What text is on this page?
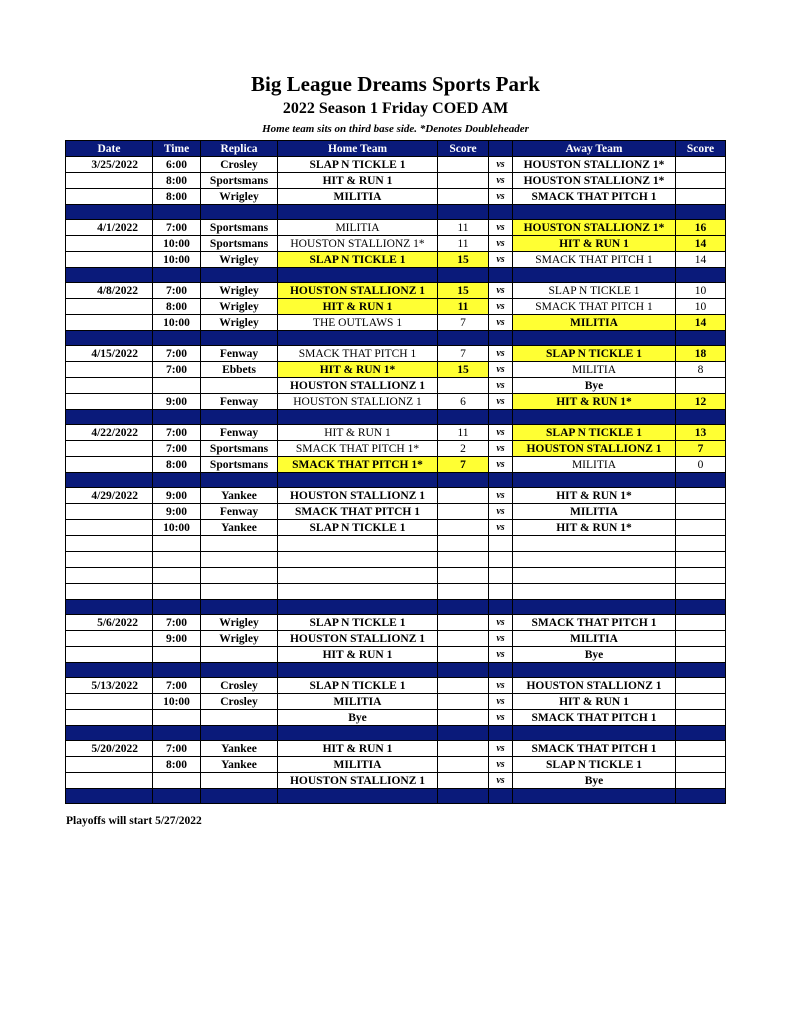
Big League Dreams Sports Park
2022 Season 1 Friday COED AM
Home team sits on third base side. *Denotes Doubleheader
Date	Time	Replica	Home Team	Score		Away Team	Score
3/25/2022	6:00	Crosley	SLAP N TICKLE 1		vs	HOUSTON STALLIONZ 1*	
	8:00	Sportsmans	HIT & RUN 1		vs	HOUSTON STALLIONZ 1*	
	8:00	Wrigley	MILITIA		vs	SMACK THAT PITCH 1	

4/1/2022	7:00	Sportsmans	MILITIA	11	vs	HOUSTON STALLIONZ 1*	16
	10:00	Sportsmans	HOUSTON STALLIONZ 1*	11	vs	HIT & RUN 1	14
	10:00	Wrigley	SLAP N TICKLE 1	15	vs	SMACK THAT PITCH 1	14

4/8/2022	7:00	Wrigley	HOUSTON STALLIONZ 1	15	vs	SLAP N TICKLE 1	10
	8:00	Wrigley	HIT & RUN 1	11	vs	SMACK THAT PITCH 1	10
	10:00	Wrigley	THE OUTLAWS 1	7	vs	MILITIA	14

4/15/2022	7:00	Fenway	SMACK THAT PITCH 1	7	vs	SLAP N TICKLE 1	18
	7:00	Ebbets	HIT & RUN 1*	15	vs	MILITIA	8
			HOUSTON STALLIONZ 1		vs	Bye	
	9:00	Fenway	HOUSTON STALLIONZ 1	6	vs	HIT & RUN 1*	12

4/22/2022	7:00	Fenway	HIT & RUN 1	11	vs	SLAP N TICKLE 1	13
	7:00	Sportsmans	SMACK THAT PITCH 1*	2	vs	HOUSTON STALLIONZ 1	7
	8:00	Sportsmans	SMACK THAT PITCH 1*	7	vs	MILITIA	0

4/29/2022	9:00	Yankee	HOUSTON STALLIONZ 1		vs	HIT & RUN 1*	
	9:00	Fenway	SMACK THAT PITCH 1		vs	MILITIA	
	10:00	Yankee	SLAP N TICKLE 1		vs	HIT & RUN 1*	

5/6/2022	7:00	Wrigley	SLAP N TICKLE 1		vs	SMACK THAT PITCH 1	
	9:00	Wrigley	HOUSTON STALLIONZ 1		vs	MILITIA	
			HIT & RUN 1		vs	Bye	

5/13/2022	7:00	Crosley	SLAP N TICKLE 1		vs	HOUSTON STALLIONZ 1	
	10:00	Crosley	MILITIA		vs	HIT & RUN 1	
			Bye		vs	SMACK THAT PITCH 1	

5/20/2022	7:00	Yankee	HIT & RUN 1		vs	SMACK THAT PITCH 1	
	8:00	Yankee	MILITIA		vs	SLAP N TICKLE 1	
			HOUSTON STALLIONZ 1		vs	Bye	

Playoffs will start 5/27/2022
